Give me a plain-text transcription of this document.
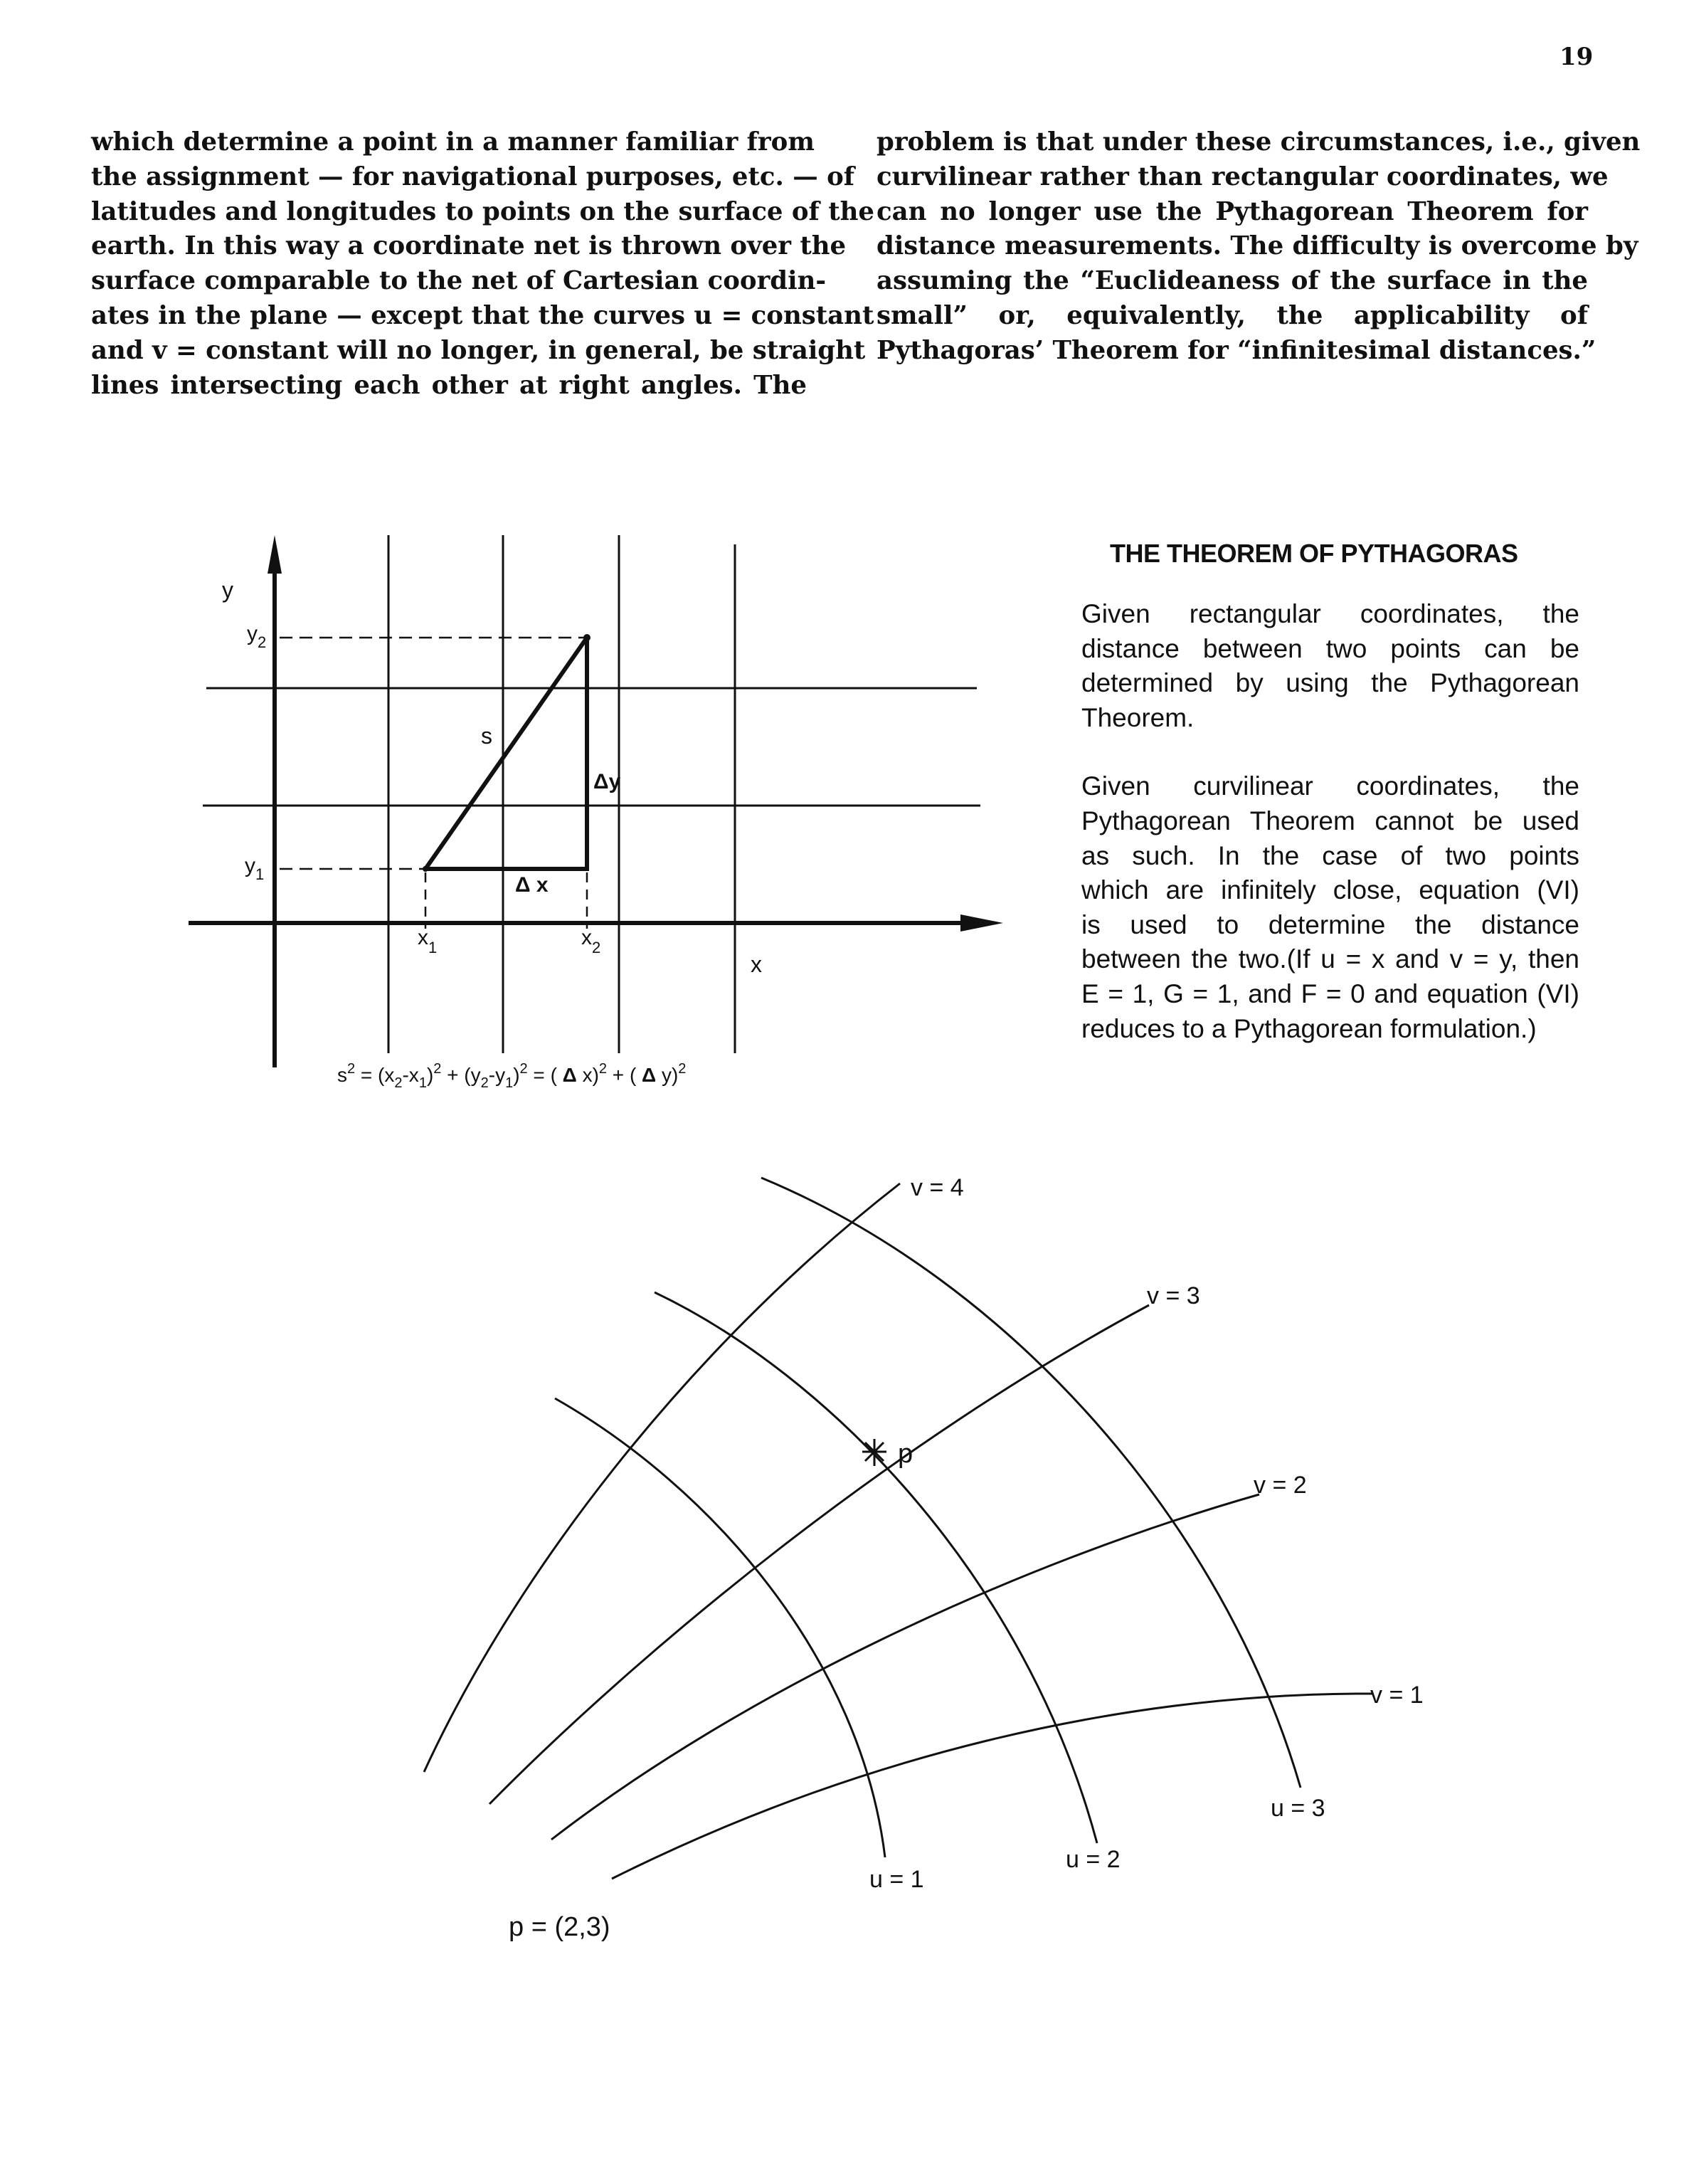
19
which determine a point in a manner familiar from
the assignment — for navigational purposes, etc. — of
latitudes and longitudes to points on the surface of the
earth. In this way a coordinate net is thrown over the
surface comparable to the net of Cartesian coordin-
ates in the plane — except that the curves u = constant
and v = constant will no longer, in general, be straight
lines intersecting each other at right angles. The
problem is that under these circumstances, i.e., given
curvilinear rather than rectangular coordinates, we
can no longer use the Pythagorean Theorem for
distance measurements. The difficulty is overcome by
assuming the “Euclideaness of the surface in the
small” or, equivalently, the applicability of
Pythagoras’ Theorem for “infinitesimal distances.”
THE THEOREM OF PYTHAGORAS
Given rectangular coordinates, the
distance between two points can be
determined by using the Pythagorean
Theorem.
Given curvilinear coordinates, the
Pythagorean Theorem cannot be used
as such. In the case of two points
which are infinitely close, equation (VI)
is used to determine the distance
between the two.(If u = x and v = y, then
E = 1, G = 1, and F = 0 and equation (VI)
reduces to a Pythagorean formulation.)
y
x
$y_2$
$y_1$
$x_1$	$x_2$
s
Δy
Δ x
$s^2 = (x_2-x_1)^2 + (y_2-y_1)^2$ = ( Δ x)$^2$ + ( Δ y)$^2$
p
v = 4
v = 3
v = 2
v = 1
u = 1
u = 2
u = 3
p = (2,3)
